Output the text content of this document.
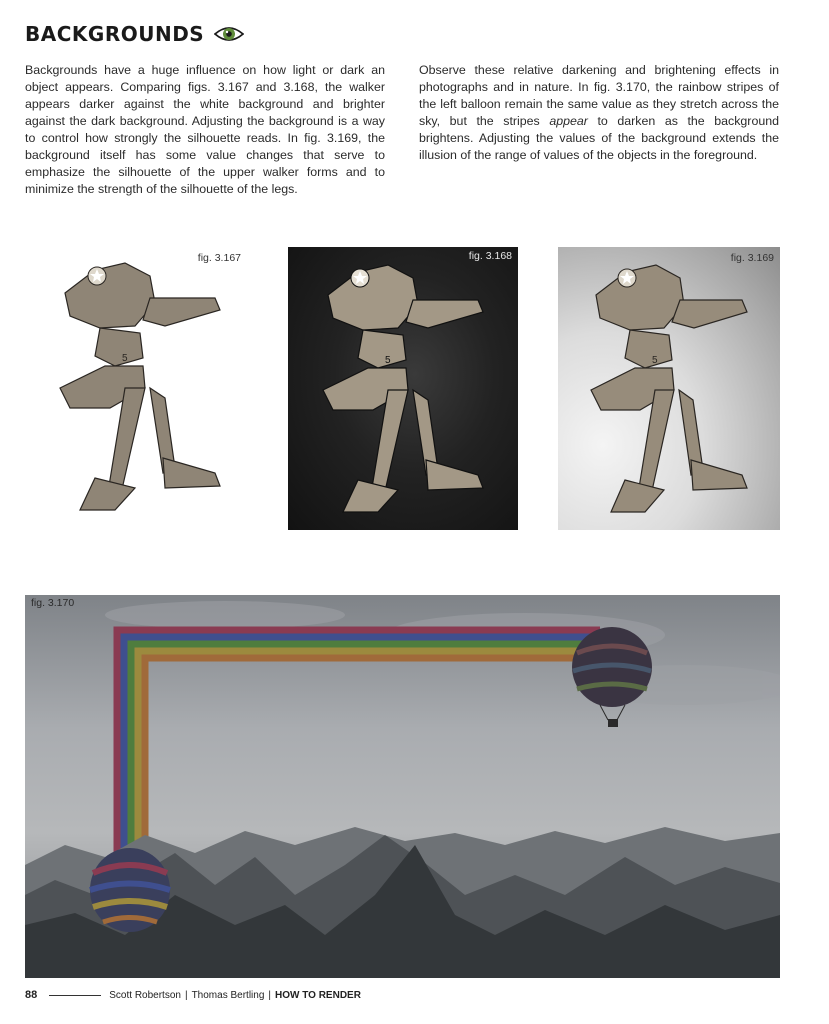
BACKGROUNDS

Backgrounds have a huge influence on how light or dark an object appears. Comparing figs. 3.167 and 3.168, the walker appears darker against the white background and brighter against the dark background. Adjusting the background is a way to control how strongly the silhouette reads. In fig. 3.169, the background itself has some value changes that serve to emphasize the silhouette of the upper walker forms and to minimize the strength of the silhouette of the legs.

Observe these relative darkening and brightening effects in photographs and in nature. In fig. 3.170, the rainbow stripes of the left balloon remain the same value as they stretch across the sky, but the stripes appear to darken as the background brightens. Adjusting the values of the background extends the illusion of the range of values of the objects in the foreground.

5
fig. 3.167
5
fig. 3.168
5
fig. 3.169
fig. 3.170
88	Scott Robertson | Thomas Bertling | HOW TO RENDER
